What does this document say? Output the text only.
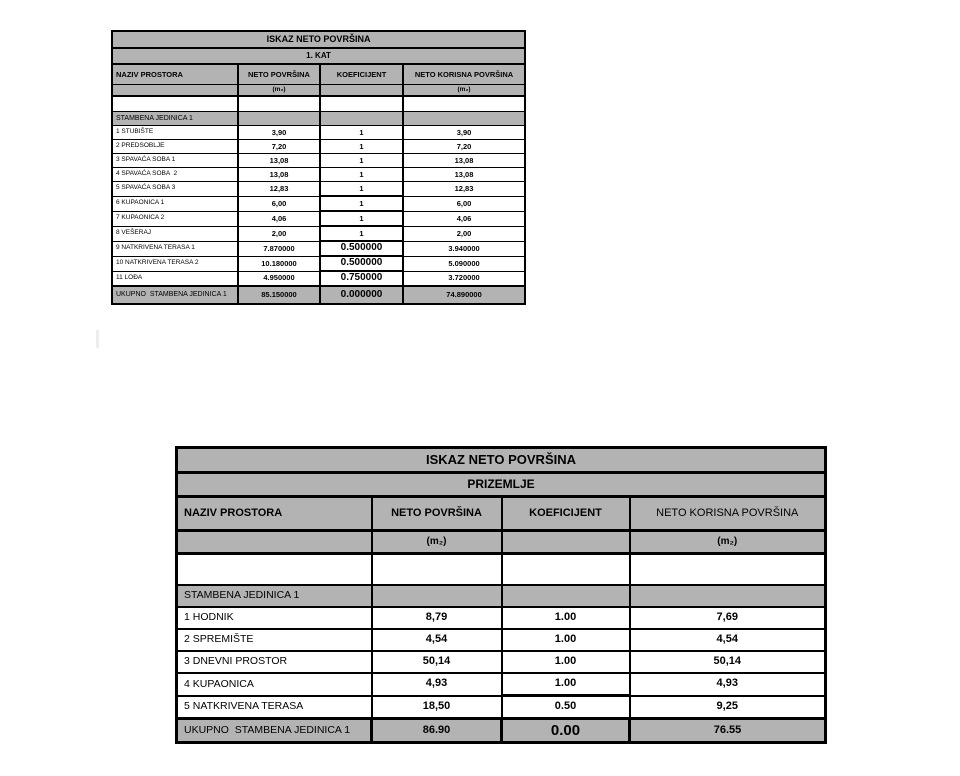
ISKAZ NETO POVRŠINA			
1. KAT			
NAZIV PROSTORA	NETO POVRŠINA	KOEFICIJENT	NETO KORISNA POVRŠINA
	(m₂)		(m₂)

STAMBENA JEDINICA 1			
1 STUBIŠTE	3,90	1	3,90
2 PREDSOBLJE	7,20	1	7,20
3 SPAVAĆA SOBA 1	13,08	1	13,08
4 SPAVAĆA SOBA  2	13,08	1	13,08
5 SPAVAĆA SOBA 3	12,83	1	12,83
6 KUPAONICA 1	6,00	1	6,00
7 KUPAONICA 2	4,06	1	4,06
8 VEŠERAJ	2,00	1	2,00
9 NATKRIVENA TERASA 1	7.870000	0.500000	3.940000
10 NATKRIVENA TERASA 2	10.180000	0.500000	5.090000
11 LOĐA	4.950000	0.750000	3.720000
UKUPNO  STAMBENA JEDINICA 1	85.150000	0.000000	74.890000
ISKAZ NETO POVRŠINA			
PRIZEMLJE			
NAZIV PROSTORA	NETO POVRŠINA	KOEFICIJENT	NETO KORISNA POVRŠINA
	(m₂)		(m₂)

STAMBENA JEDINICA 1			
1 HODNIK	8,79	1.00	7,69
2 SPREMIŠTE	4,54	1.00	4,54
3 DNEVNI PROSTOR	50,14	1.00	50,14
4 KUPAONICA	4,93	1.00	4,93
5 NATKRIVENA TERASA	18,50	0.50	9,25
UKUPNO  STAMBENA JEDINICA 1	86.90	0.00	76.55
